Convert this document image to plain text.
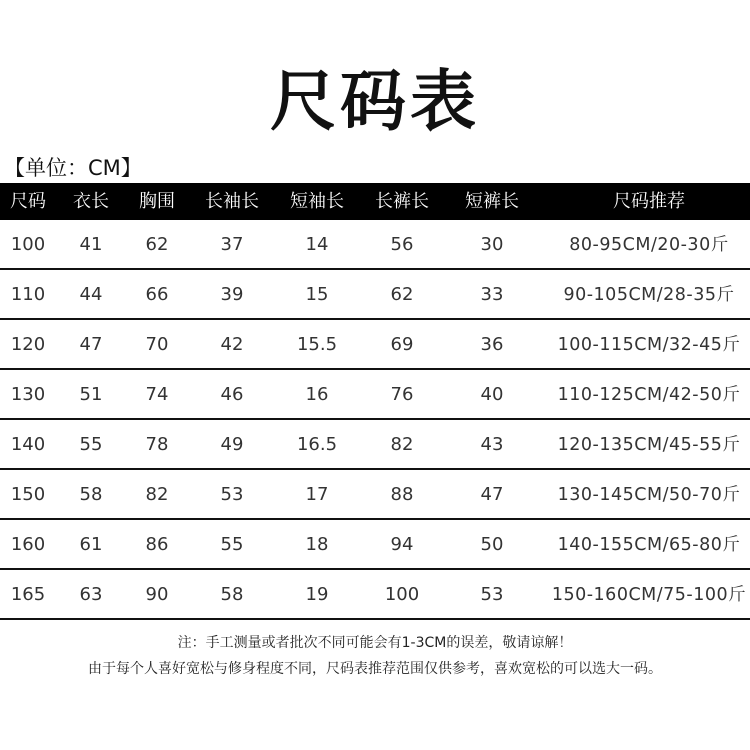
尺码表
【单位：CM】
尺码	衣长	胸围	长袖长	短袖长	长裤长	短裤长	尺码推荐
100	41	62	37	14	56	30	80-95CM/20-30斤
110	44	66	39	15	62	33	90-105CM/28-35斤
120	47	70	42	15.5	69	36	100-115CM/32-45斤
130	51	74	46	16	76	40	110-125CM/42-50斤
140	55	78	49	16.5	82	43	120-135CM/45-55斤
150	58	82	53	17	88	47	130-145CM/50-70斤
160	61	86	55	18	94	50	140-155CM/65-80斤
165	63	90	58	19	100	53	150-160CM/75-100斤
注：手工测量或者批次不同可能会有1-3CM的误差，敬请谅解！
由于每个人喜好宽松与修身程度不同，尺码表推荐范围仅供参考，喜欢宽松的可以选大一码。
